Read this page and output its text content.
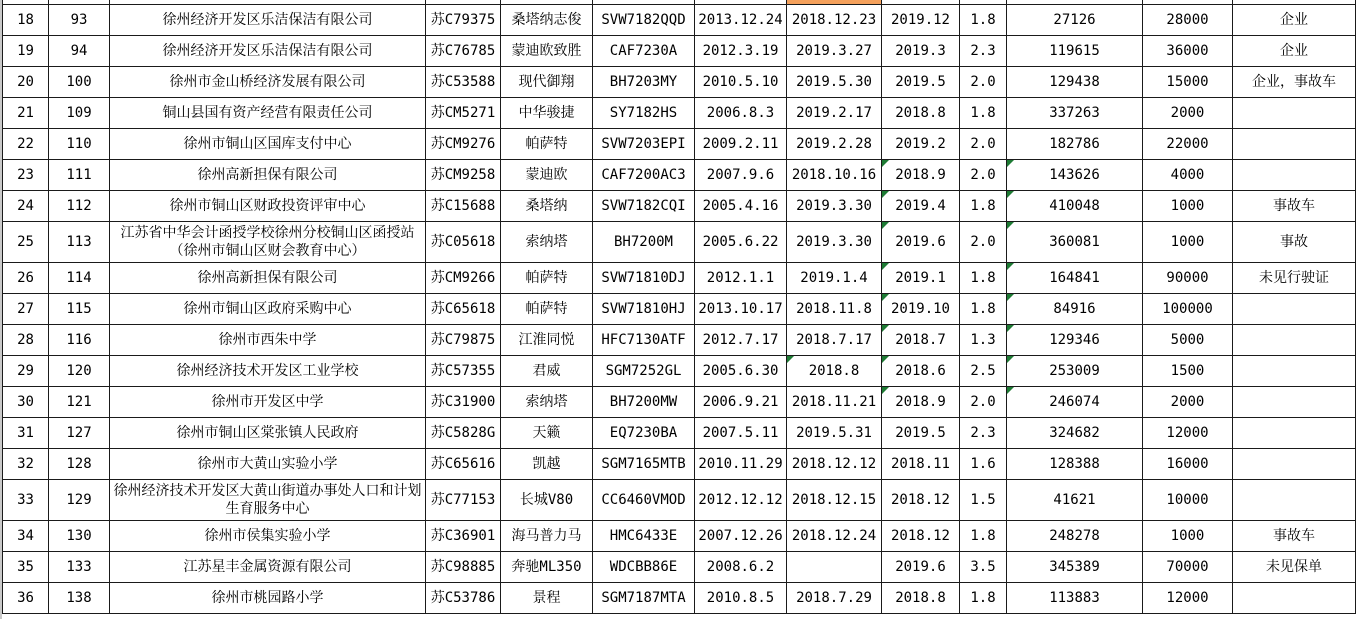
18	93	徐州经济开发区乐洁保洁有限公司	苏C79375	桑塔纳志俊	SVW7182QQD	2013.12.24	2018.12.23	2019.12	1.8	27126	28000	企业
19	94	徐州经济开发区乐洁保洁有限公司	苏C76785	蒙迪欧致胜	CAF7230A	2012.3.19	2019.3.27	2019.3	2.3	119615	36000	企业
20	100	徐州市金山桥经济发展有限公司	苏C53588	现代御翔	BH7203MY	2010.5.10	2019.5.30	2019.5	2.0	129438	15000	企业，事故车
21	109	铜山县国有资产经营有限责任公司	苏CM5271	中华骏捷	SY7182HS	2006.8.3	2019.2.17	2018.8	1.8	337263	2000	
22	110	徐州市铜山区国库支付中心	苏CM9276	帕萨特	SVW7203EPI	2009.2.11	2019.2.28	2019.2	2.0	182786	22000	
23	111	徐州高新担保有限公司	苏CM9258	蒙迪欧	CAF7200AC3	2007.9.6	2018.10.16	2018.9	2.0	143626	4000	
24	112	徐州市铜山区财政投资评审中心	苏C15688	桑塔纳	SVW7182CQI	2005.4.16	2019.3.30	2019.4	1.8	410048	1000	事故车
25	113	江苏省中华会计函授学校徐州分校铜山区函授站（徐州市铜山区财会教育中心）	苏C05618	索纳塔	BH7200M	2005.6.22	2019.3.30	2019.6	2.0	360081	1000	事故
26	114	徐州高新担保有限公司	苏CM9266	帕萨特	SVW71810DJ	2012.1.1	2019.1.4	2019.1	1.8	164841	90000	未见行驶证
27	115	徐州市铜山区政府采购中心	苏C65618	帕萨特	SVW71810HJ	2013.10.17	2018.11.8	2019.10	1.8	84916	100000	
28	116	徐州市西朱中学	苏C79875	江淮同悦	HFC7130ATF	2012.7.17	2018.7.17	2018.7	1.3	129346	5000	
29	120	徐州经济技术开发区工业学校	苏C57355	君威	SGM7252GL	2005.6.30	2018.8	2018.6	2.5	253009	1500	
30	121	徐州市开发区中学	苏C31900	索纳塔	BH7200MW	2006.9.21	2018.11.21	2018.9	2.0	246074	2000	
31	127	徐州市铜山区棠张镇人民政府	苏C5828G	天籁	EQ7230BA	2007.5.11	2019.5.31	2019.5	2.3	324682	12000	
32	128	徐州市大黄山实验小学	苏C65616	凯越	SGM7165MTB	2010.11.29	2018.12.12	2018.11	1.6	128388	16000	
33	129	徐州经济技术开发区大黄山街道办事处人口和计划生育服务中心	苏C77153	长城V80	CC6460VMOD	2012.12.12	2018.12.15	2018.12	1.5	41621	10000	
34	130	徐州市侯集实验小学	苏C36901	海马普力马	HMC6433E	2007.12.26	2018.12.24	2018.12	1.8	248278	1000	事故车
35	133	江苏星丰金属资源有限公司	苏C98885	奔驰ML350	WDCBB86E	2008.6.2		2019.6	3.5	345389	70000	未见保单
36	138	徐州市桃园路小学	苏C53786	景程	SGM7187MTA	2010.8.5	2018.7.29	2018.8	1.8	113883	12000	
